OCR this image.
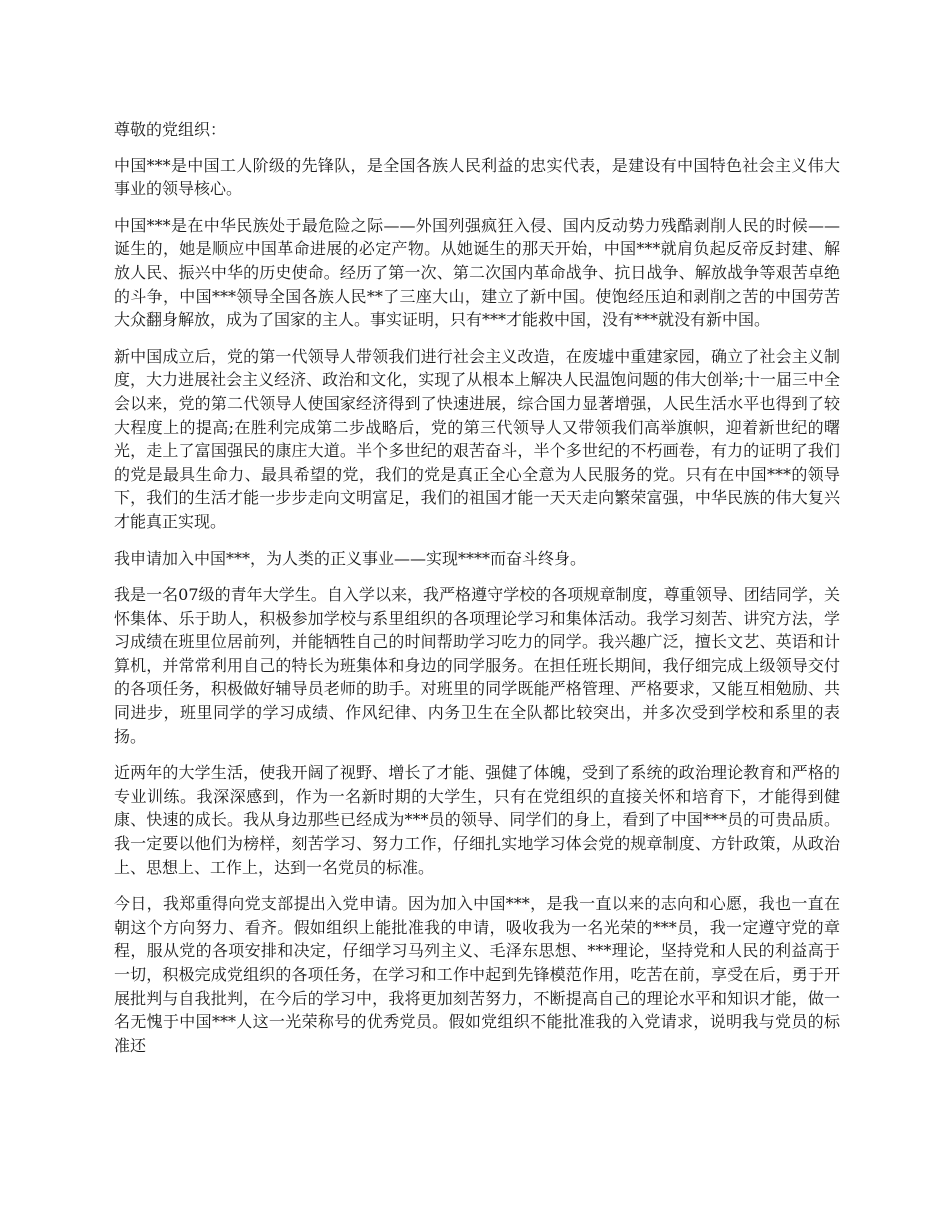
尊敬的党组织：

中国***是中国工人阶级的先锋队，是全国各族人民利益的忠实代表，是建设有中国特色社会主义伟大事业的领导核心。

中国***是在中华民族处于最危险之际——外国列强疯狂入侵、国内反动势力残酷剥削人民的时候——诞生的，她是顺应中国革命进展的必定产物。从她诞生的那天开始，中国***就肩负起反帝反封建、解放人民、振兴中华的历史使命。经历了第一次、第二次国内革命战争、抗日战争、解放战争等艰苦卓绝的斗争，中国***领导全国各族人民**了三座大山，建立了新中国。使饱经压迫和剥削之苦的中国劳苦大众翻身解放，成为了国家的主人。事实证明，只有***才能救中国，没有***就没有新中国。

新中国成立后，党的第一代领导人带领我们进行社会主义改造，在废墟中重建家园，确立了社会主义制度，大力进展社会主义经济、政治和文化，实现了从根本上解决人民温饱问题的伟大创举;十一届三中全会以来，党的第二代领导人使国家经济得到了快速进展，综合国力显著增强，人民生活水平也得到了较大程度上的提高;在胜利完成第二步战略后，党的第三代领导人又带领我们高举旗帜，迎着新世纪的曙光，走上了富国强民的康庄大道。半个多世纪的艰苦奋斗，半个多世纪的不朽画卷，有力的证明了我们的党是最具生命力、最具希望的党，我们的党是真正全心全意为人民服务的党。只有在中国***的领导下，我们的生活才能一步步走向文明富足，我们的祖国才能一天天走向繁荣富强，中华民族的伟大复兴才能真正实现。

我申请加入中国***，为人类的正义事业——实现****而奋斗终身。

我是一名07级的青年大学生。自入学以来，我严格遵守学校的各项规章制度，尊重领导、团结同学，关怀集体、乐于助人，积极参加学校与系里组织的各项理论学习和集体活动。我学习刻苦、讲究方法，学习成绩在班里位居前列，并能牺牲自己的时间帮助学习吃力的同学。我兴趣广泛，擅长文艺、英语和计算机，并常常利用自己的特长为班集体和身边的同学服务。在担任班长期间，我仔细完成上级领导交付的各项任务，积极做好辅导员老师的助手。对班里的同学既能严格管理、严格要求，又能互相勉励、共同进步，班里同学的学习成绩、作风纪律、内务卫生在全队都比较突出，并多次受到学校和系里的表扬。

近两年的大学生活，使我开阔了视野、增长了才能、强健了体魄，受到了系统的政治理论教育和严格的专业训练。我深深感到，作为一名新时期的大学生，只有在党组织的直接关怀和培育下，才能得到健康、快速的成长。我从身边那些已经成为***员的领导、同学们的身上，看到了中国***员的可贵品质。我一定要以他们为榜样，刻苦学习、努力工作，仔细扎实地学习体会党的规章制度、方针政策，从政治上、思想上、工作上，达到一名党员的标准。

今日，我郑重得向党支部提出入党申请。因为加入中国***，是我一直以来的志向和心愿，我也一直在朝这个方向努力、看齐。假如组织上能批准我的申请，吸收我为一名光荣的***员，我一定遵守党的章程，服从党的各项安排和决定，仔细学习马列主义、毛泽东思想、***理论，坚持党和人民的利益高于一切，积极完成党组织的各项任务，在学习和工作中起到先锋模范作用，吃苦在前，享受在后，勇于开展批判与自我批判，在今后的学习中，我将更加刻苦努力，不断提高自己的理论水平和知识才能，做一名无愧于中国***人这一光荣称号的优秀党员。假如党组织不能批准我的入党请求，说明我与党员的标准还
